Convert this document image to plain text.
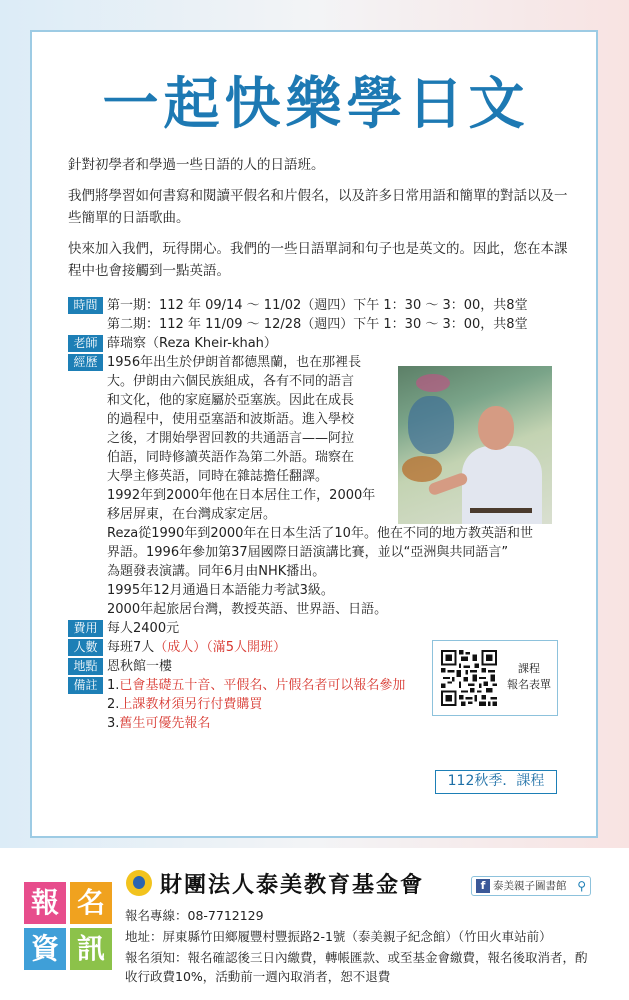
一起快樂學日文

針對初學者和學過一些日語的人的日語班。

我們將學習如何書寫和閱讀平假名和片假名，以及許多日常用語和簡單的對話以及一些簡單的日語歌曲。

快來加入我們，玩得開心。我們的一些日語單詞和句子也是英文的。因此，您在本課程中也會接觸到一點英語。

時間 第一期：112 年 09/14 ～ 11/02（週四）下午 1：30 ～ 3：00，共8堂
第二期：112 年 11/09 ～ 12/28（週四）下午 1：30 ～ 3：00，共8堂
老師 薛瑞察（Reza Kheir-khah）
經歷 1956年出生於伊朗首都德黑蘭，也在那裡長
大。伊朗由六個民族組成，各有不同的語言
和文化，他的家庭屬於亞塞族。因此在成長
的過程中，使用亞塞語和波斯語。進入學校
之後，才開始學習回教的共通語言——阿拉
伯語，同時修讀英語作為第二外語。瑞察在
大學主修英語，同時在雜誌擔任翻譯。
1992年到2000年他在日本居住工作，2000年
移居屏東，在台灣成家定居。
Reza從1990年到2000年在日本生活了10年。他在不同的地方教英語和世
界語。1996年參加第37屆國際日語演講比賽，並以“亞洲與共同語言”
為題發表演講。同年6月由NHK播出。
1995年12月通過日本語能力考試3級。
2000年起旅居台灣，教授英語、世界語、日語。
費用 每人2400元
人數 每班7人（成人）（滿5人開班）
地點 恩秋館一樓
備註 1.已會基礎五十音、平假名、片假名者可以報名參加
2.上課教材須另行付費購買
3.舊生可優先報名
課程
報名表單
112秋季．課程
報 名
資 訊
財團法人泰美教育基金會	f 泰美親子圖書館 ⚲
報名專線：08-7712129
地址：屏東縣竹田鄉履豐村豐振路2-1號（泰美親子紀念館）（竹田火車站前）
報名須知：報名確認後三日內繳費，轉帳匯款、或至基金會繳費，報名後取消者，酌收行政費10%，活動前一週內取消者，恕不退費
